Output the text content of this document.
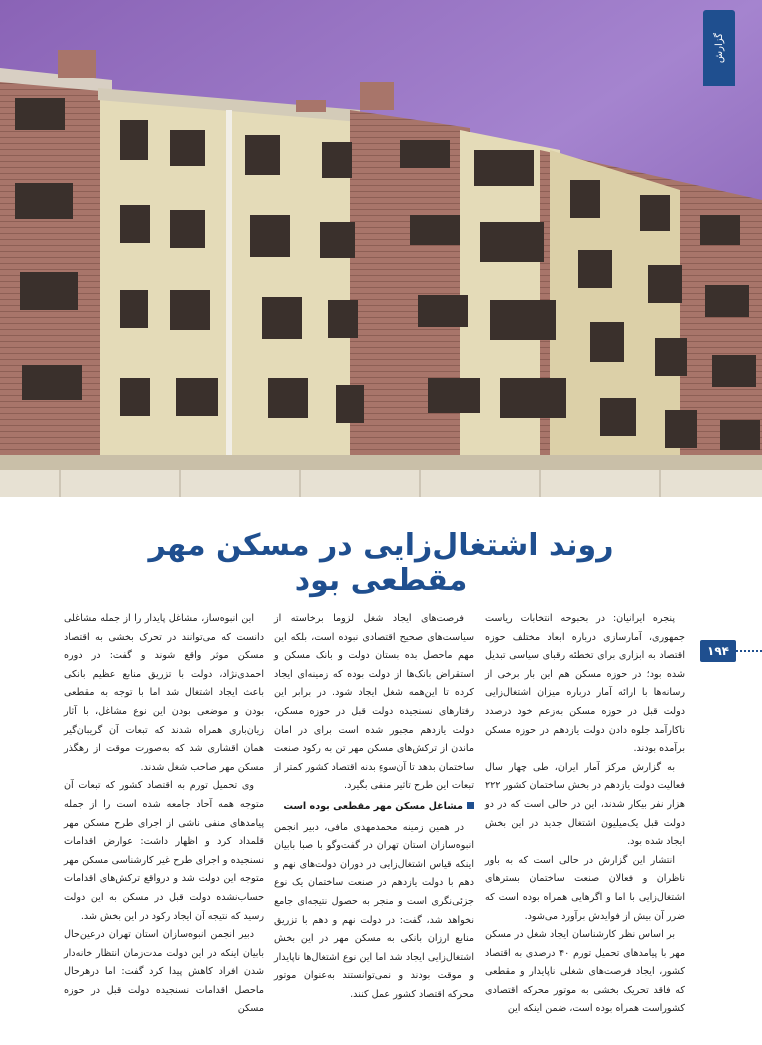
گزارش
روند اشتغال‌زایی در مسکن مهر مقطعی بود
۱۹۴

پنجره ایرانیان: در بحبوحه انتخابات ریاست جمهوری، آمارسازی درباره ابعاد مختلف حوزه اقتصاد به ابزاری برای تخطئه رقبای سیاسی تبدیل شده بود؛ در حوزه مسکن هم این بار برخی از رسانه‌ها با ارائه آمار درباره میزان اشتغال‌زایی دولت قبل در حوزه مسکن به‌زعم خود درصدد ناکارآمد جلوه دادن دولت یازدهم در حوزه مسکن برآمده بودند.

به گزارش مرکز آمار ایران، طی چهار سال فعالیت دولت یازدهم در بخش ساختمان کشور ۲۲۲ هزار نفر بیکار شدند، این در حالی است که در دو دولت قبل یک‌میلیون اشتغال جدید در این بخش ایجاد شده بود.

انتشار این گزارش در حالی است که به باور ناظران و فعالان صنعت ساختمان بسترهای اشتغال‌زایی با اما و اگرهایی همراه بوده است که ضرر آن بیش از فوایدش برآورد می‌شود.

بر اساس نظر کارشناسان ایجاد شغل در مسکن مهر با پیامدهای تحمیل تورم ۴۰ درصدی به اقتصاد کشور، ایجاد فرصت‌های شغلی ناپایدار و مقطعی که فاقد تحریک بخشی به موتور محرکه اقتصادی کشوراست همراه بوده است، ضمن اینکه این

فرصت‌های ایجاد شغل لزوما برخاسته از سیاست‌های صحیح اقتصادی نبوده است، بلکه این مهم ماحصل بده بستان دولت و بانک مسکن و استقراض بانک‌ها از دولت بوده که زمینه‌ای ایجاد کرده تا این‌همه شغل ایجاد شود. در برابر این رفتارهای نسنجیده دولت قبل در حوزه مسکن، دولت یازدهم مجبور شده است برای در امان ماندن از ترکش‌های مسکن مهر تن به رکود صنعت ساختمان بدهد تا آن‌سوءِ بدنه اقتصاد کشور کمتر از تبعات این طرح تاثیر منفی بگیرد.

مشاغل مسکن مهر مقطعی بوده است

در همین زمینه محمدمهدی مافی، دبیر انجمن انبوه‌سازان استان تهران در گفت‌وگو با صبا بابیان اینکه قیاس اشتغال‌زایی در دوران دولت‌های نهم و دهم با دولت یازدهم در صنعت ساختمان یک نوع جزئی‌نگری است و منجر به حصول نتیجه‌ای جامع نخواهد شد، گفت: در دولت نهم و دهم با تزریق منابع ارزان بانکی به مسکن مهر در این بخش اشتغال‌زایی ایجاد شد اما این نوع اشتغال‌ها ناپایدار و موقت بودند و نمی‌توانستند به‌عنوان موتور محرکه اقتصاد کشور عمل کنند.

این انبوه‌ساز، مشاغل پایدار را از جمله مشاغلی دانست که می‌توانند در تحرک بخشی به اقتصاد مسکن موثر واقع شوند و گفت: در دوره احمدی‌نژاد، دولت با تزریق منابع عظیم بانکی باعث ایجاد اشتغال شد اما با توجه به مقطعی بودن و موضعی بودن این نوع مشاغل، با آثار زیان‌باری همراه شدند که تبعات آن گریبان‌گیر همان اقشاری شد که به‌صورت موقت از رهگذر مسکن مهر صاحب شغل شدند.

وی تحمیل تورم به اقتصاد کشور که تبعات آن متوجه همه آحاد جامعه شده است را از جمله پیامدهای منفی ناشی از اجرای طرح مسکن مهر قلمداد کرد و اظهار داشت: عوارض اقدامات نسنجیده و اجرای طرح غیر کارشناسی مسکن مهر متوجه این دولت شد و درواقع ترکش‌های اقدامات حساب‌نشده دولت قبل در مسکن به این دولت رسید که نتیجه آن ایجاد رکود در این بخش شد.

دبیر انجمن انبوه‌سازان استان تهران درعین‌حال بابیان اینکه در این دولت مدت‌زمان انتظار خانه‌دار شدن افراد کاهش پیدا کرد گفت: اما درهرحال ماحصل اقدامات نسنجیده دولت قبل در حوزه مسکن
